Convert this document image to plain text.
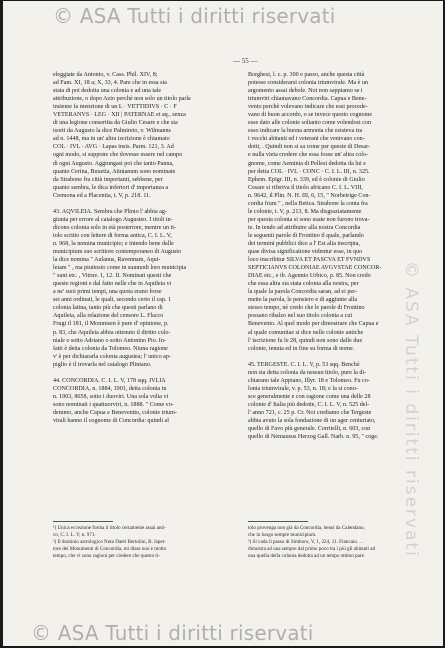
© ASA Tutti i diritti riservati
© ASA Tutti i diritti riservati
— 55 —
eleggiate da Antonio, v. Cass. Phil. XIV, 8;
ad Fam. XI, 18 a; X, 33, 4. Pare che in essa sia
stata di poi dedotta una colonia e ad una tale
attribuzione, o dopo Azio perchè non solo un titolo parla
insieme fa menzione di un L · VETTIDIVS · C · F
VETERANVS · LEG · XII | PATERNAE et aq., senza
di una legione consertita da Giulio Cesare e che sia
isorti da Augusto la dice Palmireio, v. Wilmanns
ad n. 1448, ma in un' altra iscrizione è chiamato
COL · IVL · AVG · Lapas insis. Parm. 121, 3. Ad
ogni modo, si suppone che dovesse essere nel campo
di ogni Augusto. Aggiungasi poi che tanto Panna,
quanto Cerina, Buxetia, Atinianum sono nominate
da Strabone fra città importanti, sebbene, per
quanto sembra, le dica inferiori d' importanza a
Cremona ed a Placentia, t. V, p. 218. 11.

43. AQVILEIA. Sembra che Plinio l' abbia ag-
giunta per errore al catalogo Augusteo. I titoli in-
dicono colonia solo in età posteriore, mentre un ti-
tolo scritto con lettere di forma antica, C. I. L. V,
n. 968, la nomina municipio; e intendo bene dalle
municipium suo scrittore contemporaneo di Augusto
la dice nomina " Aulanus, Ravennam, Aqui-
leiam " , ma piuttosto come in suumodi loro municipia
" sunt etc. , Vitruv. 1, 12. II. Nominati questi che
queste regioni e dal fatto nelle che in Aquileia vi
a ne' suoi primi tempi, una quota erano forse
sei anni ordinati, le quali, secondo certo il cap. 1
colonia latina, tanto più che questi parlano di
Aquileia, alla relazione del censore L. Flacco
Frugi il 181, il Mommsen è pure d' opinione, p.
p. 83, che Aquileia abbia ottenuto il diritto colo-
niale o sotto Adriano o sotto Antonino Pio. In-
fatti è detta colonia da Tolomeo. Niuna ragione
v' è per dichiararla colonia augustea; l' unico ap-
piglio è il trovarla nel catalogo Pliniano.

44. CONCORDIA. C. I. L. V, 178 sqq. IVLIA
CONCORDIA, n. 1884, 1901, detta colonia in
n. 1903, 8658, sotto i duoviri. Una sola volta vi
sono nominati i quattuorviri, n. 1888. " Come vo-
demmo, anche Capua e Beneventto, colonie trium-
virali hanno il cognome di Concordia: quindi al
Borghesi, l. c. p. 300 e passo, anche questa città
potesse considerarsi colonia triumvirale. Ma è un
argomento assai debole. Noi non sappiamo se i
triumviri chiamavano Concordia. Capua e Bene-
vento perchè volevano indicare che essi procede-
vano di buon accordo, o se invece questo cognome
esse dato alle colonie soltanto come volendosi con
esso indicare la buona armonia che esisteva tra
i vecchi abitanti ed i veterani che venivano con-
dotti, . Quindi non si sa come per queste di Desar-
e nulla vieta credere che essa fosse un' altra colo-
gnome, come Aeminia di Pellesi dedotta da lui e
per detta COL · IVL · CONC · C. I. L. III, n. 325.
Ephem. Epigr. III, n. 339, ed è colonie di Giulio
Cesare si riferiva il titolo africano C. I. L. VIII,
n. 9642, il Plin. N. H. III, 6, 15, " Norbetrige Con-
cordia frum " , nella Betica. Strabone la conta fra
le colonie, t. V, p. 213, 8. Ma disgraziatamente
per questa colonia si sono usate non furono trova-
te. In tendo ad attribuire alla nostra Concordia
le seguenti parole di Frontino il quale, parlando
dei termini pubblici dice a l' Est alia inscripta,
quae divisa significatione videntur esse, in quo
loco inscribitur SILVA ET PASCVA ET FVNDVS
SEPTICIANVS COLONIAE AVGVSTAE CONCOR-
DIAE etc., e ib. Agennio Urbico, p. 85. Non credo
che essa altra sia stata colonia alla nostra, per
la quale la parola Concordia saran, ad ei per-
mette la parola, le pensiero e di aggiunte alla
stesso tempo, nè credo che le parole di Frontino
possano ribalzo nel suo titolo colonia a cui
Benevento. Al quel modo per dimostrare che Capua e
al quale comunitae si dice nelle colonie antiche
l' iscrizione fu le 28, quindi non sono dalle due
colonie, tenuta ed in fine su forma di nome.

45. TERGESTE. C. I. L. V, p. 53 sqq. Benchè
non sia detta colonia da nessun titolo, pure la di-
chiarano tale Appiano, Illyr. 18 e Tolomeo. Fu co-
lonia triumvirale, v. p. 53, n. 18; e la si cono-
sce generalmente e con ragione come una delle 28
colonie d' Italia più dedotte, C. I. L. V, n. 525 del-
l' anno 721, c. 25 p. Cr. Noi crediamo che Tergeste
abbia avuto la sola fondazione di un ager centuriato,
quello di Favo più generale. Corritelli, n. 603, con
quello di Nemausus Herzog Gall. Narb. n. 95, " coge.
¹) Unica eccezione forma il titolo certamente assai anti-
co, C. I. L. V, n. 971.
²) Il dominio astrologico Nota Daeti Bertolini, R. Ispet-
tore dei Monumenti di Concordia, mi disse non è molto
tempo, che vi sono ragioni per credere che questo ti-
tolo provenga non già da Concordia, bensì da Calendano,
che in luogo sempre municipium.
³) Si vada il passo di Simboro, V, 1, 224, 11. Francaio. . .
dimostra ad una sempre dal primo poco tra i più gli abitanti ad
una quella della colonia dedotta ad un tempo ottimo pare.
© ASA Tutti i diritti riservati
